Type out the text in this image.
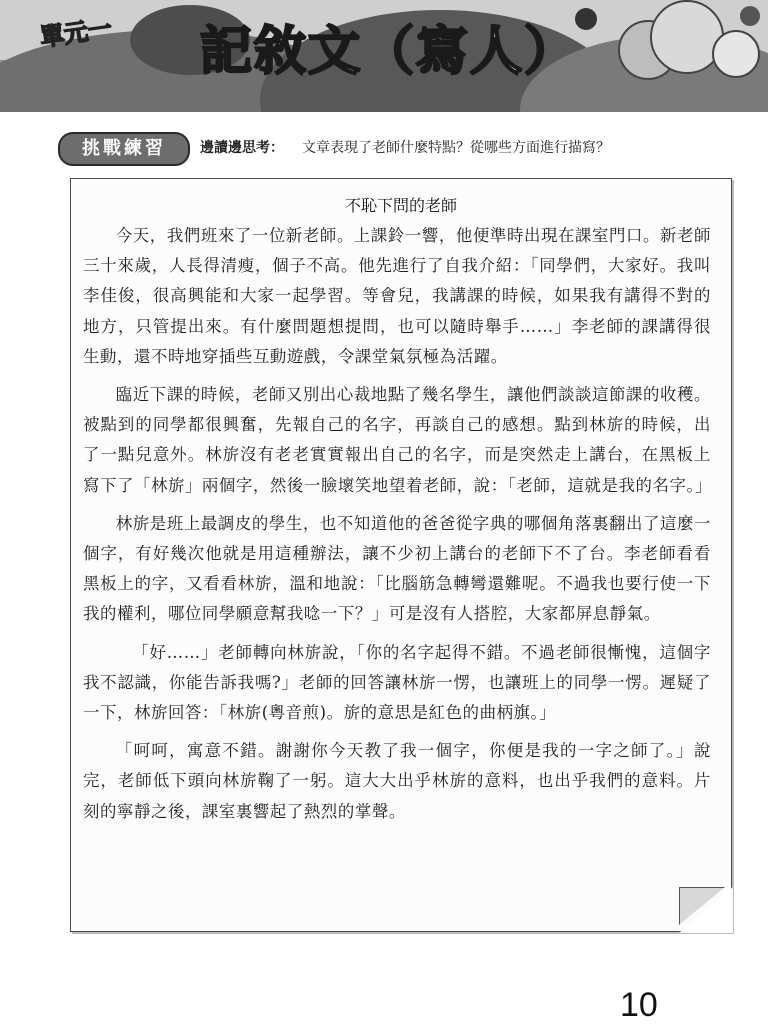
單元一 記敘文（寫人）
挑戰練習	邊讀邊思考： 文章表現了老師什麼特點？從哪些方面進行描寫？
不恥下問的老師

今天，我們班來了一位新老師。上課鈴一響，他便準時出現在課室門口。新老師三十來歲，人長得清瘦，個子不高。他先進行了自我介紹：「同學們，大家好。我叫李佳俊，很高興能和大家一起學習。等會兒，我講課的時候，如果我有講得不對的地方，只管提出來。有什麼問題想提問，也可以隨時舉手……」李老師的課講得很生動，還不時地穿插些互動遊戲，令課堂氣氛極為活躍。

臨近下課的時候，老師又別出心裁地點了幾名學生，讓他們談談這節課的收穫。被點到的同學都很興奮，先報自己的名字，再談自己的感想。點到林旂的時候，出了一點兒意外。林旂沒有老老實實報出自己的名字，而是突然走上講台，在黑板上寫下了「林旂」兩個字，然後一臉壞笑地望着老師，說：「老師，這就是我的名字。」

林旂是班上最調皮的學生，也不知道他的爸爸從字典的哪個角落裏翻出了這麼一個字，有好幾次他就是用這種辦法，讓不少初上講台的老師下不了台。李老師看看黑板上的字，又看看林旂，溫和地說：「比腦筋急轉彎還難呢。不過我也要行使一下我的權利，哪位同學願意幫我唸一下？」可是沒有人搭腔，大家都屏息靜氣。

「好……」老師轉向林旂說，「你的名字起得不錯。不過老師很慚愧，這個字我不認識，你能告訴我嗎?」老師的回答讓林旂一愣，也讓班上的同學一愣。遲疑了一下，林旂回答：「林旂(粵音煎)。旂的意思是紅色的曲柄旗。」

「呵呵，寓意不錯。謝謝你今天教了我一個字，你便是我的一字之師了。」說完，老師低下頭向林旂鞠了一躬。這大大出乎林旂的意料，也出乎我們的意料。片刻的寧靜之後，課室裏響起了熱烈的掌聲。

10
